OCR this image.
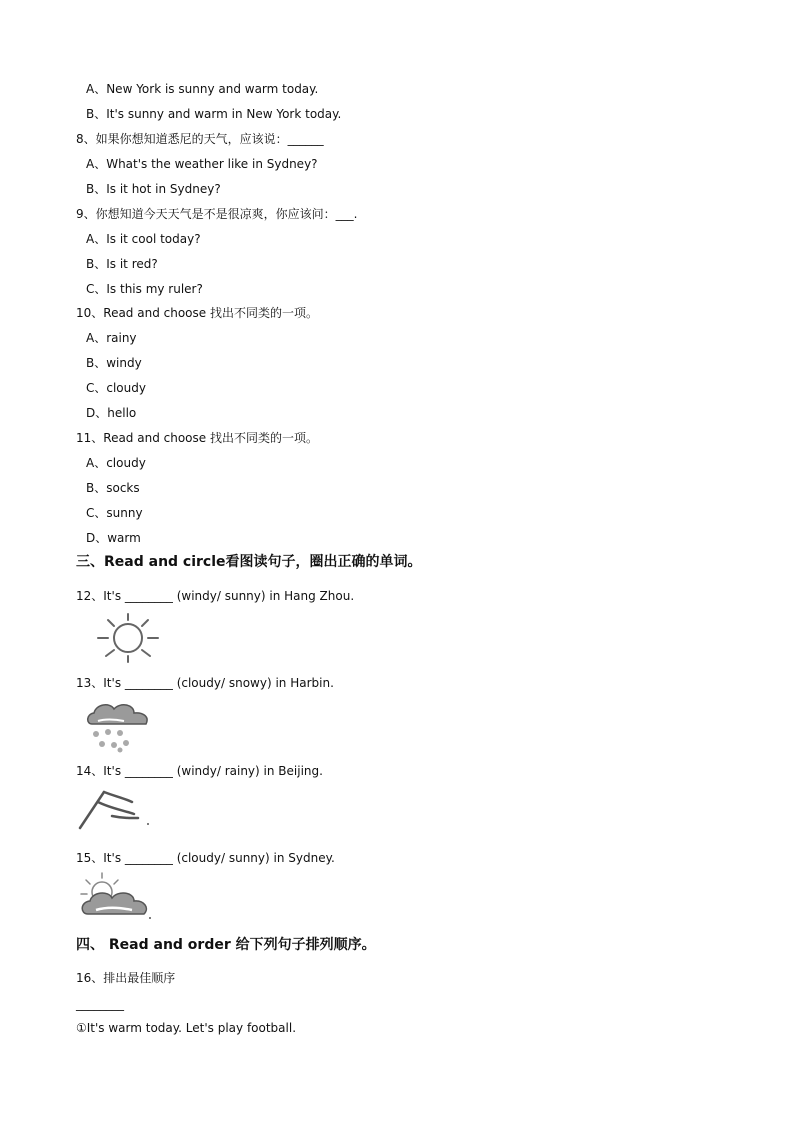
A、New York is sunny and warm today.
B、It's sunny and warm in New York today.
8、如果你想知道悉尼的天气，应该说：______
A、What's the weather like in Sydney?
B、Is it hot in Sydney?
9、你想知道今天天气是不是很凉爽，你应该问：___.
A、Is it cool today?
B、Is it red?
C、Is this my ruler?
10、Read and choose 找出不同类的一项。
A、rainy
B、windy
C、cloudy
D、hello
11、Read and choose 找出不同类的一项。
A、cloudy
B、socks
C、sunny
D、warm
三、Read and circle看图读句子，圈出正确的单词。
12、It's ________ (windy/ sunny) in Hang Zhou.
13、It's ________ (cloudy/ snowy) in Harbin.
14、It's ________ (windy/ rainy) in Beijing.
15、It's ________ (cloudy/ sunny) in Sydney.
四、 Read and order 给下列句子排列顺序。
16、排出最佳顺序
________
①It's warm today. Let's play football.
